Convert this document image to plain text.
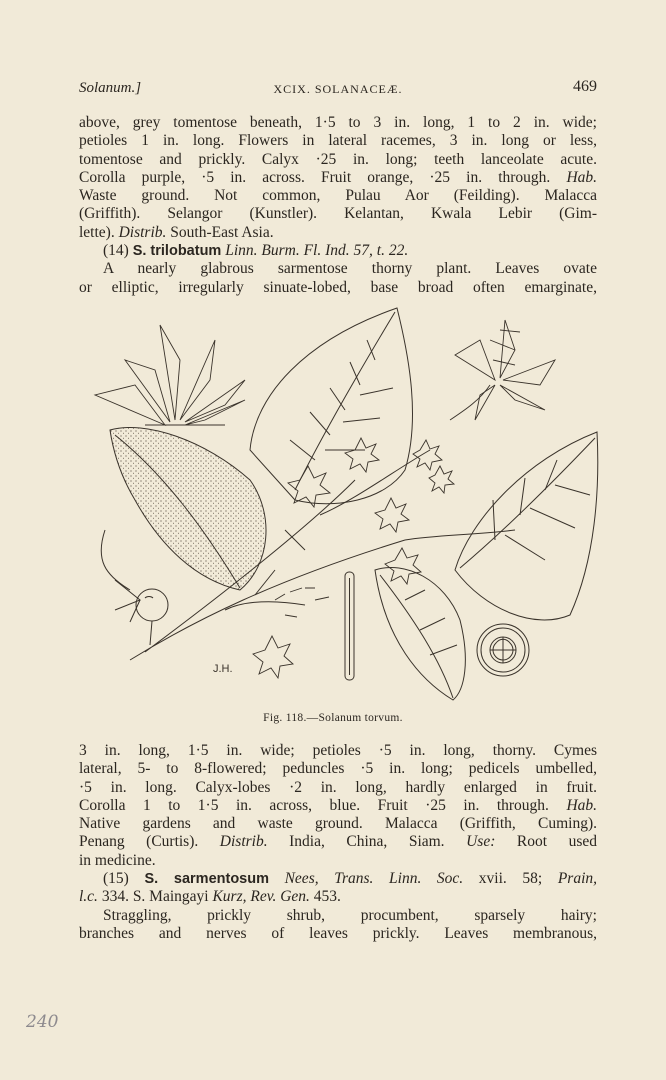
Solanum.]	XCIX. SOLANACEÆ.	469
above, grey tomentose beneath, 1·5 to 3 in. long, 1 to 2 in. wide;
petioles 1 in. long. Flowers in lateral racemes, 3 in. long or less,
tomentose and prickly. Calyx ·25 in. long; teeth lanceolate acute.
Corolla purple, ·5 in. across. Fruit orange, ·25 in. through. Hab.
Waste ground. Not common, Pulau Aor (Feilding). Malacca
(Griffith). Selangor (Kunstler). Kelantan, Kwala Lebir (Gim-
lette). Distrib. South-East Asia.
(14) S. trilobatum Linn. Burm. Fl. Ind. 57, t. 22.
A nearly glabrous sarmentose thorny plant. Leaves ovate
or elliptic, irregularly sinuate-lobed, base broad often emarginate,
J.H.
Fig. 118.—Solanum torvum.
3 in. long, 1·5 in. wide; petioles ·5 in. long, thorny. Cymes
lateral, 5- to 8-flowered; peduncles ·5 in. long; pedicels umbelled,
·5 in. long. Calyx-lobes ·2 in. long, hardly enlarged in fruit.
Corolla 1 to 1·5 in. across, blue. Fruit ·25 in. through. Hab.
Native gardens and waste ground. Malacca (Griffith, Cuming).
Penang (Curtis). Distrib. India, China, Siam. Use: Root used
in medicine.
(15) S. sarmentosum Nees, Trans. Linn. Soc. xvii. 58; Prain,
l.c. 334. S. Maingayi Kurz, Rev. Gen. 453.
Straggling, prickly shrub, procumbent, sparsely hairy;
branches and nerves of leaves prickly. Leaves membranous,
240
